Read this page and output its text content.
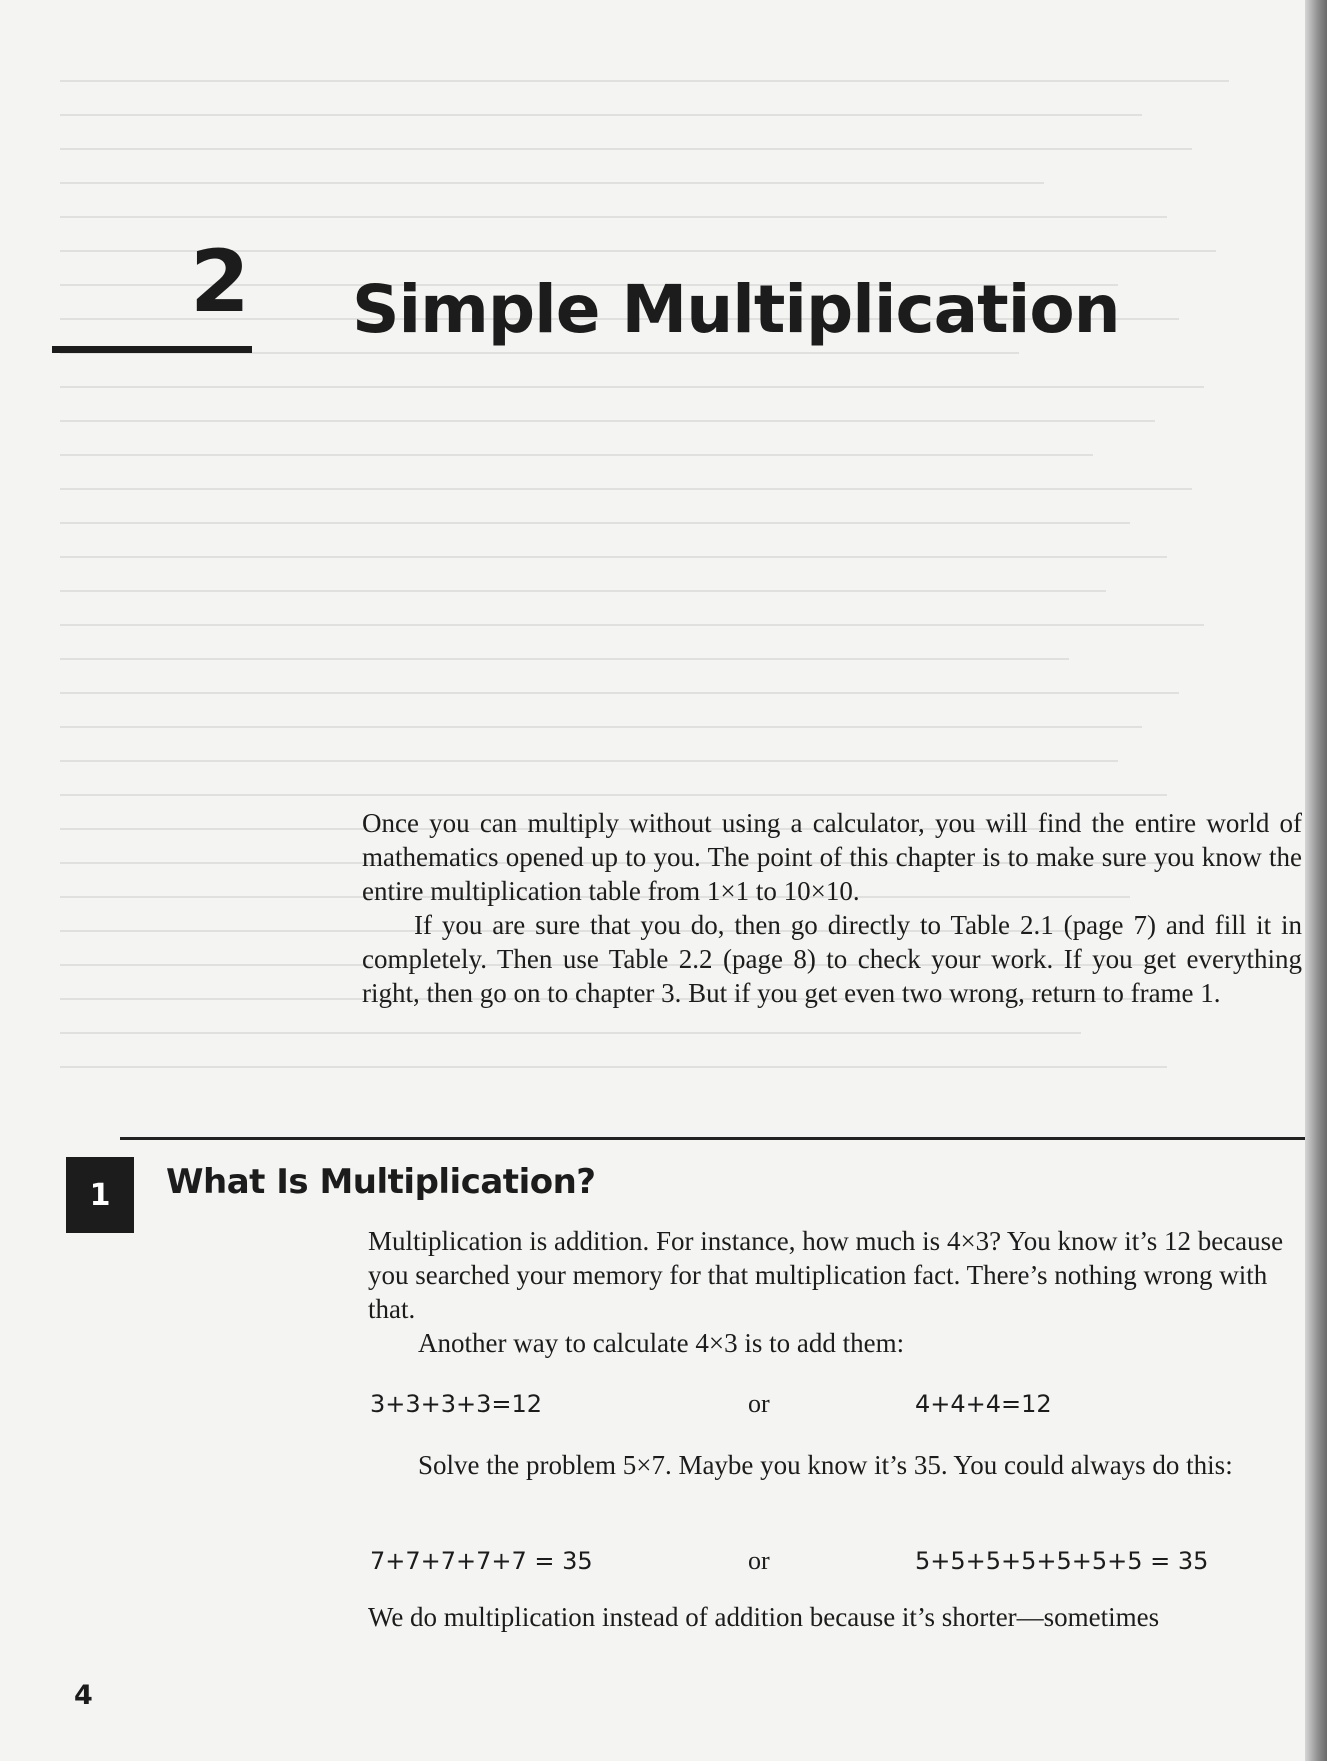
2 Simple Multiplication

Once you can multiply without using a calculator, you will find the entire world of mathematics opened up to you. The point of this chapter is to make sure you know the entire multiplication table from 1×1 to 10×10.

If you are sure that you do, then go directly to Table 2.1 (page 7) and fill it in completely. Then use Table 2.2 (page 8) to check your work. If you get everything right, then go on to chapter 3. But if you get even two wrong, return to frame 1.

1	What Is Multiplication?

Multiplication is addition. For instance, how much is 4×3? You know it’s 12 because you searched your memory for that multiplication fact. There’s nothing wrong with that.

Another way to calculate 4×3 is to add them:

3+3+3+3=12	or	4+4+4=12

Solve the problem 5×7. Maybe you know it’s 35. You could always do this:

7+7+7+7+7 = 35	or	5+5+5+5+5+5+5 = 35

We do multiplication instead of addition because it’s shorter—sometimes

4
